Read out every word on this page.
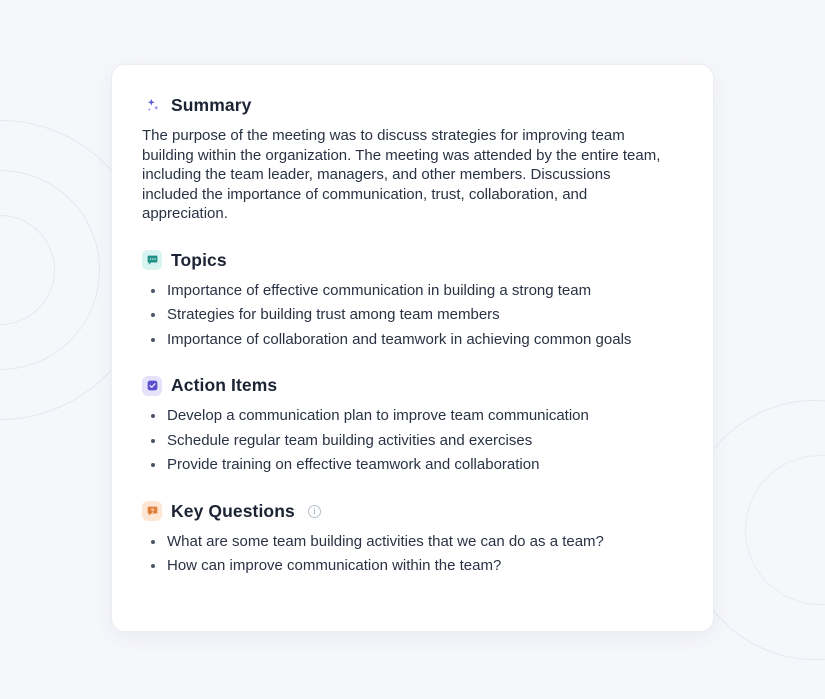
Summary

The purpose of the meeting was to discuss strategies for improving team building within the organization. The meeting was attended by the entire team, including the team leader, managers, and other members. Discussions included the importance of communication, trust, collaboration, and appreciation.

Topics
Importance of effective communication in building a strong team
Strategies for building trust among team members
Importance of collaboration and teamwork in achieving common goals
Action Items
Develop a communication plan to improve team communication
Schedule regular team building activities and exercises
Provide training on effective teamwork and collaboration
Key Questions	i
What are some team building activities that we can do as a team?
How can improve communication within the team?
